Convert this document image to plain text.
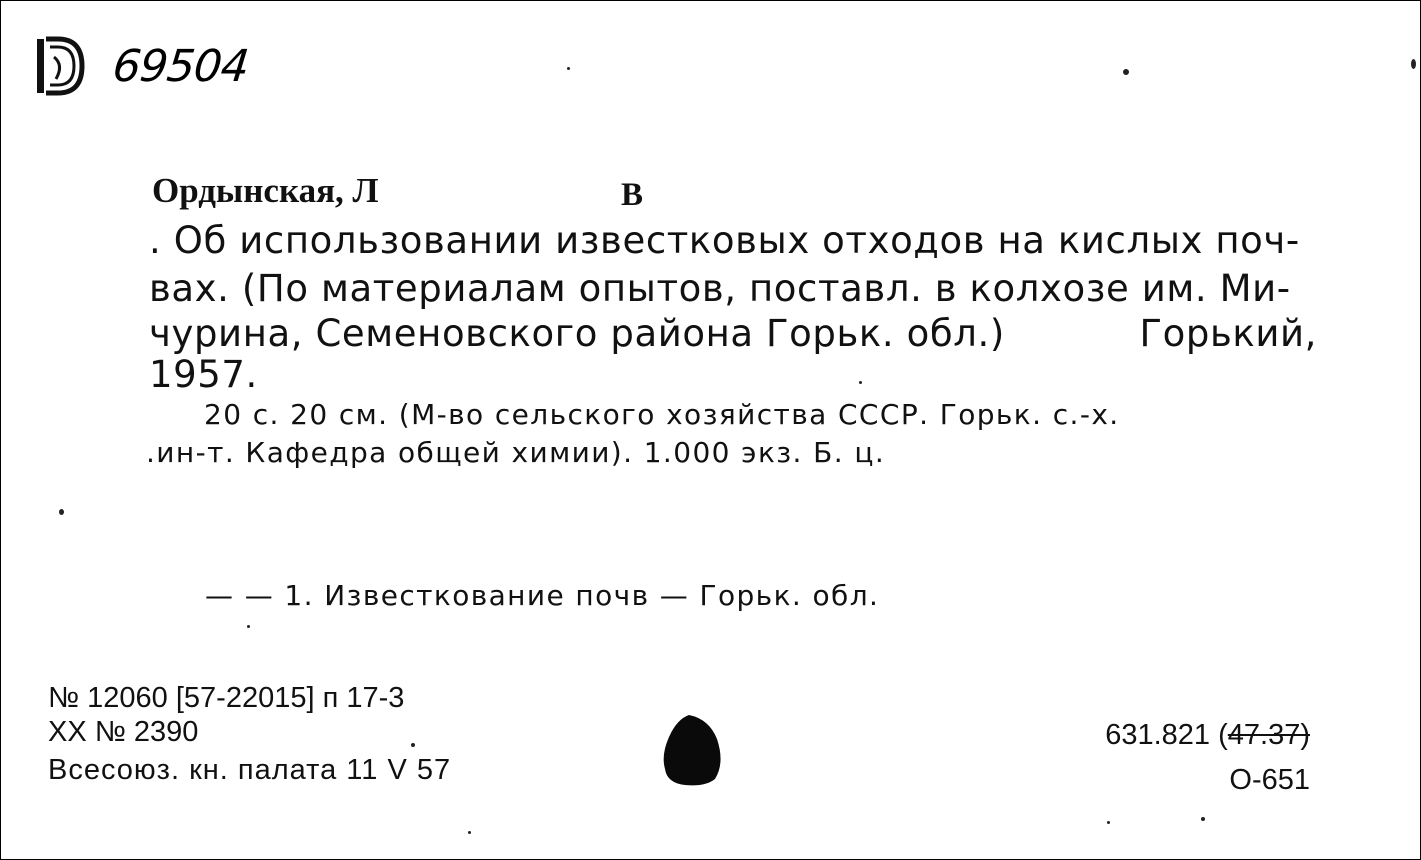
69504
Ордынская, Л	В
. Об использовании известковых отходов на кислых поч-
вах. (По материалам опытов, поставл. в колхозе им. Ми-
чурина, Семеновского района Горьк. обл.)	Горький,
1957.
20 с. 20 см. (М-во сельского хозяйства СССР. Горьк. с.-х.
.ин-т. Кафедра общей химии). 1.000 экз. Б. ц.
— — 1. Известкование почв — Горьк. обл.
№ 12060 [57-22015] п 17-3
XX № 2390
Всесоюз. кн. палата 11 V 57
631.821 (47.37)
О-651
